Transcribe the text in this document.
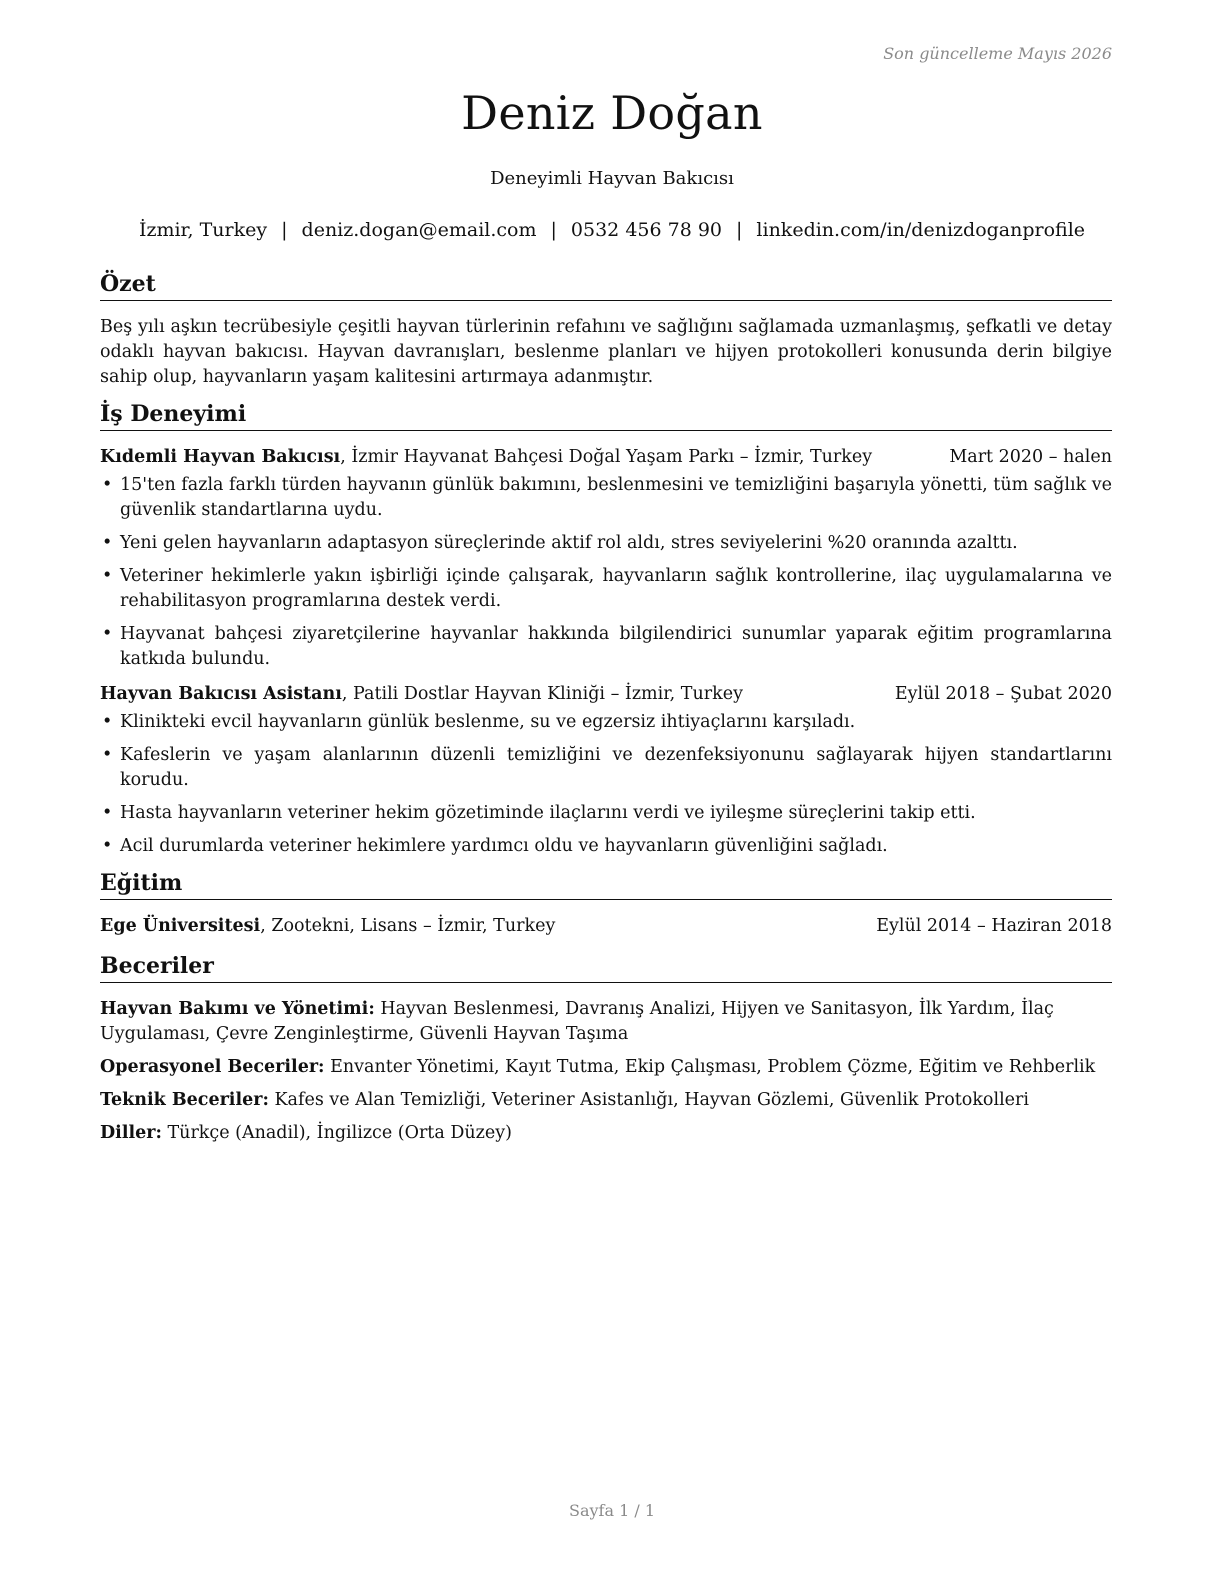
Son güncelleme Mayıs 2026
Deniz Doğan
Deneyimli Hayvan Bakıcısı
İzmir, Turkey | deniz.dogan@email.com | 0532 456 78 90 | linkedin.com/in/denizdoganprofile
Özet

Beş yılı aşkın tecrübesiyle çeşitli hayvan türlerinin refahını ve sağlığını sağlamada uzmanlaşmış, şefkatli ve detay odaklı hayvan bakıcısı. Hayvan davranışları, beslenme planları ve hijyen protokolleri konusunda derin bilgiye sahip olup, hayvanların yaşam kalitesini artırmaya adanmıştır.

İş Deneyimi
Kıdemli Hayvan Bakıcısı, İzmir Hayvanat Bahçesi Doğal Yaşam Parkı – İzmir, Turkey	Mart 2020 – halen
• 15'ten fazla farklı türden hayvanın günlük bakımını, beslenmesini ve temizliğini başarıyla yönetti, tüm sağlık ve güvenlik standartlarına uydu.
• Yeni gelen hayvanların adaptasyon süreçlerinde aktif rol aldı, stres seviyelerini %20 oranında azalttı.
• Veteriner hekimlerle yakın işbirliği içinde çalışarak, hayvanların sağlık kontrollerine, ilaç uygulamalarına ve rehabilitasyon programlarına destek verdi.
• Hayvanat bahçesi ziyaretçilerine hayvanlar hakkında bilgilendirici sunumlar yaparak eğitim programlarına katkıda bulundu.
Hayvan Bakıcısı Asistanı, Patili Dostlar Hayvan Kliniği – İzmir, Turkey	Eylül 2018 – Şubat 2020
• Klinikteki evcil hayvanların günlük beslenme, su ve egzersiz ihtiyaçlarını karşıladı.
• Kafeslerin ve yaşam alanlarının düzenli temizliğini ve dezenfeksiyonunu sağlayarak hijyen standartlarını korudu.
• Hasta hayvanların veteriner hekim gözetiminde ilaçlarını verdi ve iyileşme süreçlerini takip etti.
• Acil durumlarda veteriner hekimlere yardımcı oldu ve hayvanların güvenliğini sağladı.
Eğitim
Ege Üniversitesi, Zootekni, Lisans – İzmir, Turkey	Eylül 2014 – Haziran 2018
Beceriler
Hayvan Bakımı ve Yönetimi: Hayvan Beslenmesi, Davranış Analizi, Hijyen ve Sanitasyon, İlk Yardım, İlaç Uygulaması, Çevre Zenginleştirme, Güvenli Hayvan Taşıma
Operasyonel Beceriler: Envanter Yönetimi, Kayıt Tutma, Ekip Çalışması, Problem Çözme, Eğitim ve Rehberlik
Teknik Beceriler: Kafes ve Alan Temizliği, Veteriner Asistanlığı, Hayvan Gözlemi, Güvenlik Protokolleri
Diller: Türkçe (Anadil), İngilizce (Orta Düzey)
Sayfa 1 / 1
